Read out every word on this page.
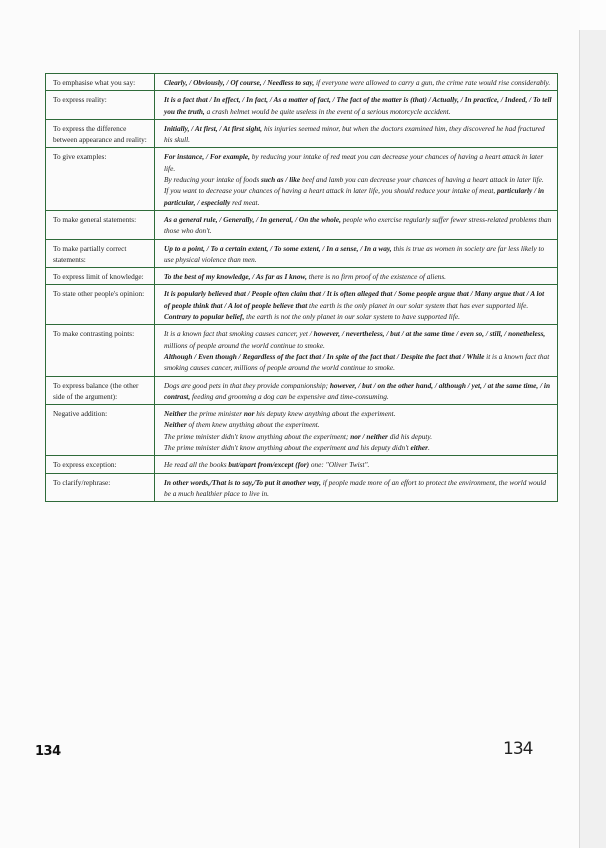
To emphasise what you say:	Clearly, / Obviously, / Of course, / Needless to say, if everyone were allowed to carry a gun, the crime rate would rise considerably.

To express reality:	It is a fact that / In effect, / In fact, / As a matter of fact, / The fact of the matter is (that) / Actually, / In practice, / Indeed, / To tell you the truth, a crash helmet would be quite useless in the event of a serious motorcycle accident.

To express the difference between appearance and reality:	Initially, / At first, / At first sight, his injuries seemed minor, but when the doctors examined him, they discovered he had fractured his skull.

To give examples:	For instance, / For example, by reducing your intake of red meat you can decrease your chances of having a heart attack in later life.
By reducing your intake of foods such as / like beef and lamb you can decrease your chances of having a heart attack in later life.
If you want to decrease your chances of having a heart attack in later life, you should reduce your intake of meat, particularly / in particular, / especially red meat.

To make general statements:	As a general rule, / Generally, / In general, / On the whole, people who exercise regularly suffer fewer stress-related problems than those who don't.

To make partially correct statements:	Up to a point, / To a certain extent, / To some extent, / In a sense, / In a way, this is true as women in society are far less likely to use physical violence than men.

To express limit of knowledge:	To the best of my knowledge, / As far as I know, there is no firm proof of the existence of aliens.

To state other people's opinion:	It is popularly believed that / People often claim that / It is often alleged that / Some people argue that / Many argue that / A lot of people think that / A lot of people believe that the earth is the only planet in our solar system that has ever supported life.
Contrary to popular belief, the earth is not the only planet in our solar system to have supported life.

To make contrasting points:	It is a known fact that smoking causes cancer, yet / however, / nevertheless, / but / at the same time / even so, / still, / nonetheless, millions of people around the world continue to smoke.
Although / Even though / Regardless of the fact that / In spite of the fact that / Despite the fact that / While it is a known fact that smoking causes cancer, millions of people around the world continue to smoke.

To express balance (the other side of the argument):	Dogs are good pets in that they provide companionship; however, / but / on the other hand, / although / yet, / at the same time, / in contrast, feeding and grooming a dog can be expensive and time-consuming.

Negative addition:	Neither the prime minister nor his deputy knew anything about the experiment.
Neither of them knew anything about the experiment.
The prime minister didn't know anything about the experiment; nor / neither did his deputy.
The prime minister didn't know anything about the experiment and his deputy didn't either.

To express exception:	He read all the books but/apart from/except (for) one: "Oliver Twist".

To clarify/rephrase:	In other words,/That is to say,/To put it another way, if people made more of an effort to protect the environment, the world would be a much healthier place to live in.
134	134
